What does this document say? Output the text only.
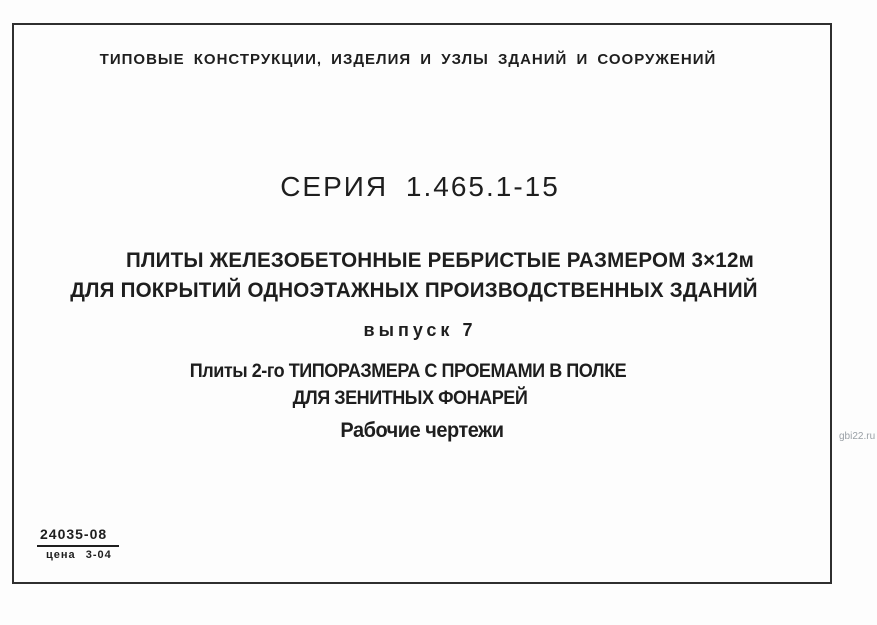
ТИПОВЫЕ КОНСТРУКЦИИ, ИЗДЕЛИЯ И УЗЛЫ ЗДАНИЙ И СООРУЖЕНИЙ
СЕРИЯ 1.465.1-15
ПЛИТЫ ЖЕЛЕЗОБЕТОННЫЕ РЕБРИСТЫЕ РАЗМЕРОМ 3×12м
ДЛЯ ПОКРЫТИЙ ОДНОЭТАЖНЫХ ПРОИЗВОДСТВЕННЫХ ЗДАНИЙ
выпуск 7
Плиты 2-го ТИПОРАЗМЕРА С ПРОЕМАМИ В ПОЛКЕ
ДЛЯ ЗЕНИТНЫХ ФОНАРЕЙ
Рабочие чертежи
24035-08
цена 3-04
gbi22.ru
